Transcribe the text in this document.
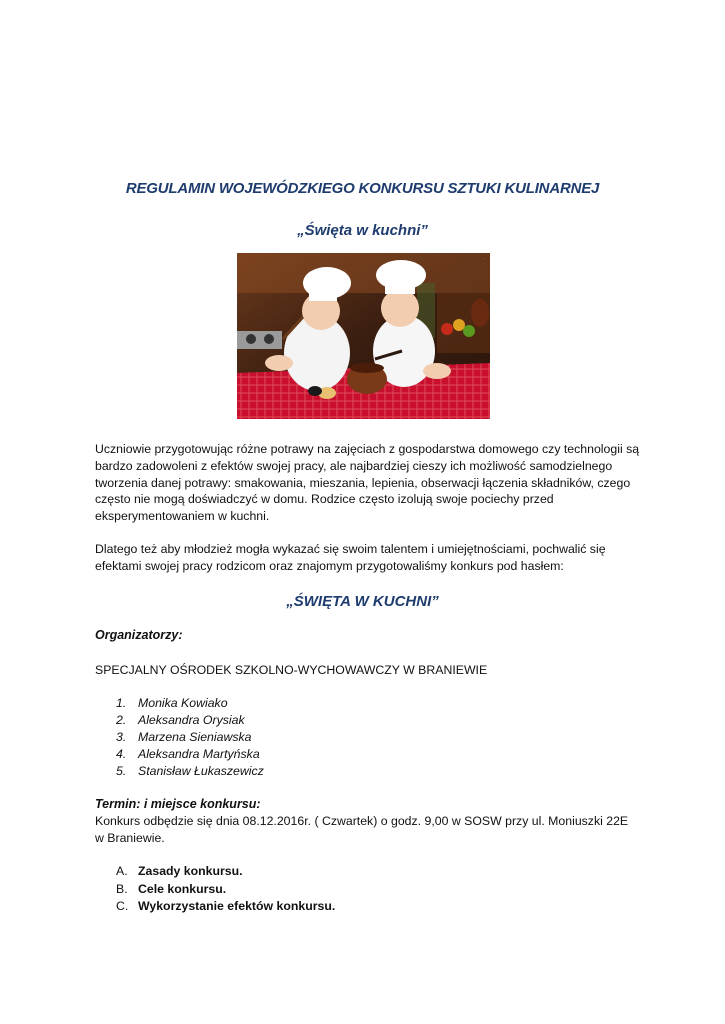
REGULAMIN WOJEWÓDZKIEGO KONKURSU SZTUKI KULINARNEJ
„Święta w kuchni”
·
Uczniowie przygotowując różne potrawy na zajęciach z gospodarstwa domowego czy technologii są
bardzo zadowoleni z efektów swojej pracy, ale najbardziej cieszy ich możliwość samodzielnego
tworzenia danej potrawy: smakowania, mieszania, lepienia, obserwacji łączenia składników, czego
często nie mogą doświadczyć w domu. Rodzice często izolują swoje pociechy przed
eksperymentowaniem w kuchni.
Dlatego też aby młodzież mogła wykazać się swoim talentem i umiejętnościami, pochwalić się
efektami swojej pracy rodzicom oraz znajomym przygotowaliśmy konkurs pod hasłem:
„ŚWIĘTA W KUCHNI”
Organizatorzy:
SPECJALNY OŚRODEK SZKOLNO-WYCHOWAWCZY W BRANIEWIE
1. Monika Kowiako
2. Aleksandra Orysiak
3. Marzena Sieniawska
4. Aleksandra Martyńska
5. Stanisław Łukaszewicz
Termin: i miejsce konkursu:
Konkurs odbędzie się dnia 08.12.2016r. ( Czwartek) o godz. 9,00 w SOSW przy ul. Moniuszki 22E
w Braniewie.
A. Zasady konkursu.
B. Cele konkursu.
C. Wykorzystanie efektów konkursu.
